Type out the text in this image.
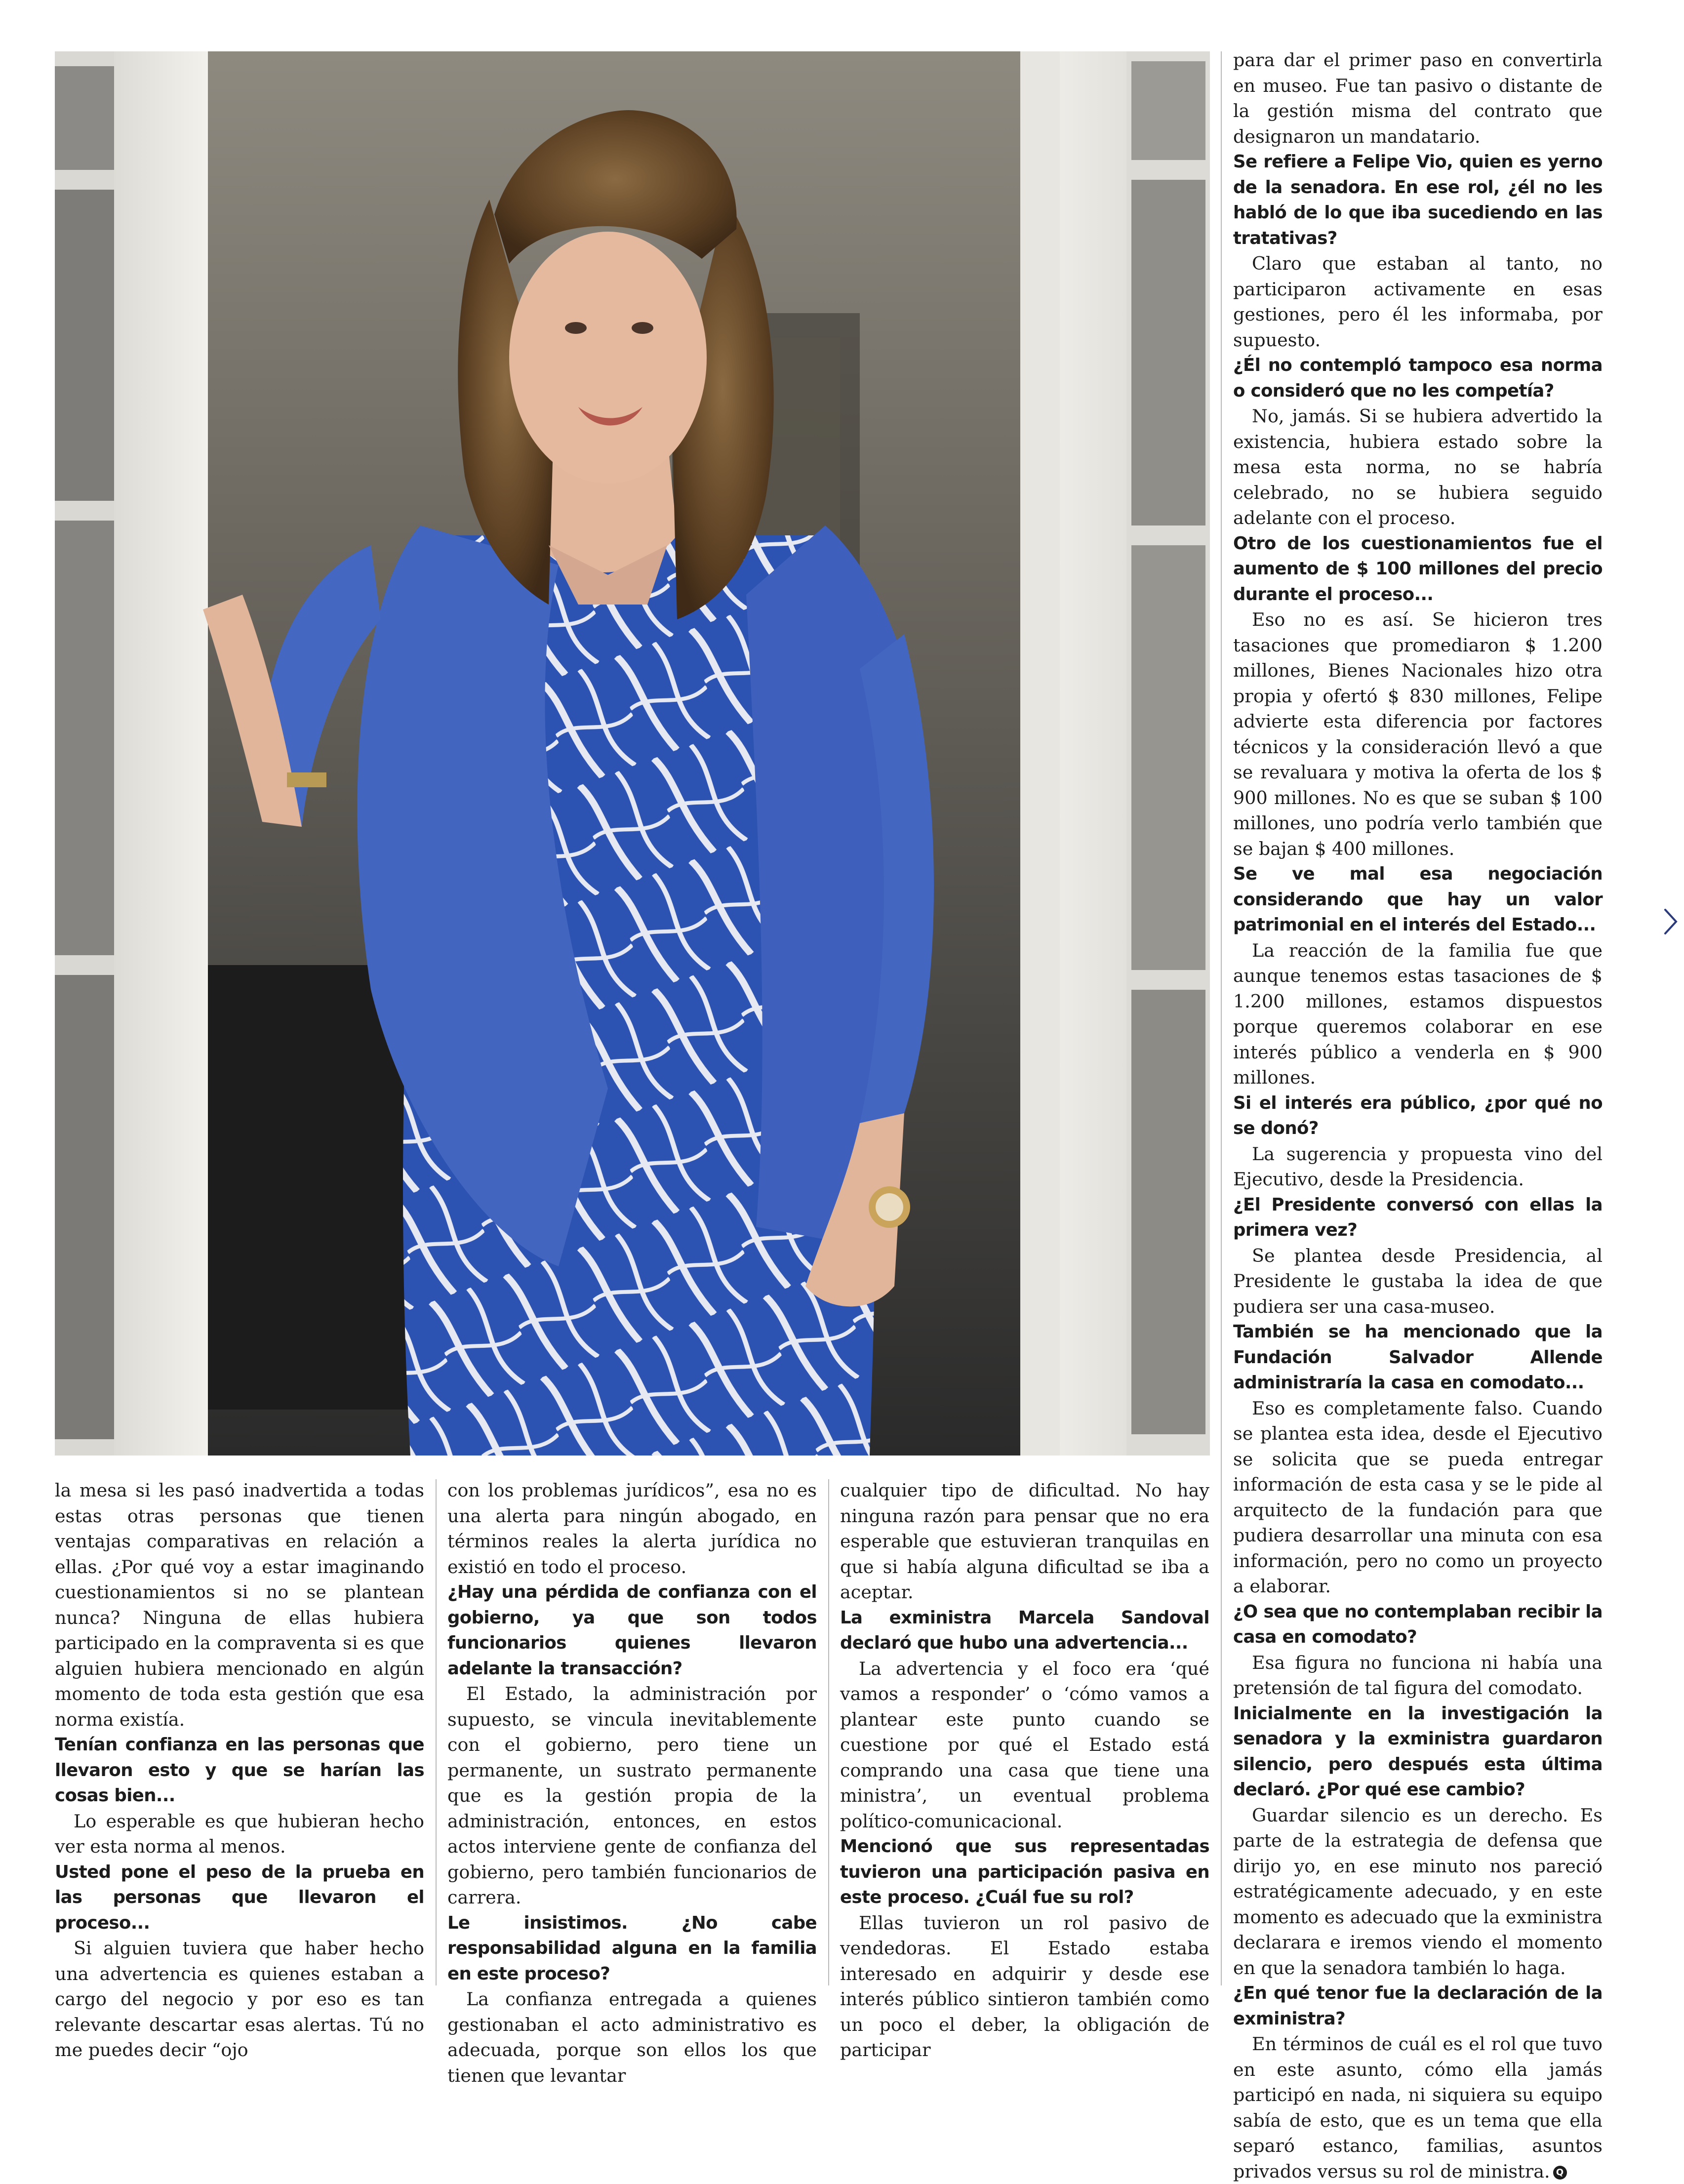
la mesa si les pasó inadvertida a todas estas otras personas que tienen ventajas comparativas en relación a ellas. ¿Por qué voy a estar imaginando cuestionamientos si no se plantean nunca? Ninguna de ellas hubiera participado en la compraventa si es que alguien hubiera mencionado en algún momento de toda esta gestión que esa norma existía.

Tenían confianza en las personas que llevaron esto y que se harían las cosas bien...

Lo esperable es que hubieran hecho ver esta norma al menos.

Usted pone el peso de la prueba en las personas que llevaron el proceso...

Si alguien tuviera que haber hecho una advertencia es quienes estaban a cargo del negocio y por eso es tan relevante descartar esas alertas. Tú no me puedes decir “ojo

con los problemas jurídicos”, esa no es una alerta para ningún abogado, en términos reales la alerta jurídica no existió en todo el proceso.

¿Hay una pérdida de confianza con el gobierno, ya que son todos funcionarios quienes llevaron adelante la transacción?

El Estado, la administración por supuesto, se vincula inevitablemente con el gobierno, pero tiene un permanente, un sustrato permanente que es la gestión propia de la administración, entonces, en estos actos interviene gente de confianza del gobierno, pero también funcionarios de carrera.

Le insistimos. ¿No cabe responsabilidad alguna en la familia en este proceso?

La confianza entregada a quienes gestionaban el acto administrativo es adecuada, porque son ellos los que tienen que levantar

cualquier tipo de dificultad. No hay ninguna razón para pensar que no era esperable que estuvieran tranquilas en que si había alguna dificultad se iba a aceptar.

La exministra Marcela Sandoval declaró que hubo una advertencia...

La advertencia y el foco era ‘qué vamos a responder’ o ‘cómo vamos a plantear este punto cuando se cuestione por qué el Estado está comprando una casa que tiene una ministra’, un eventual problema político-comunicacional.

Mencionó que sus representadas tuvieron una participación pasiva en este proceso. ¿Cuál fue su rol?

Ellas tuvieron un rol pasivo de vendedoras. El Estado estaba interesado en adquirir y desde ese interés público sintieron también como un poco el deber, la obligación de participar

para dar el primer paso en convertirla en museo. Fue tan pasivo o distante de la gestión misma del contrato que designaron un mandatario.

Se refiere a Felipe Vio, quien es yerno de la senadora. En ese rol, ¿él no les habló de lo que iba sucediendo en las tratativas?

Claro que estaban al tanto, no participaron activamente en esas gestiones, pero él les informaba, por supuesto.

¿Él no contempló tampoco esa norma o consideró que no les competía?

No, jamás. Si se hubiera advertido la existencia, hubiera estado sobre la mesa esta norma, no se habría celebrado, no se hubiera seguido adelante con el proceso.

Otro de los cuestionamientos fue el aumento de $ 100 millones del precio durante el proceso...

Eso no es así. Se hicieron tres tasaciones que promediaron $ 1.200 millones, Bienes Nacionales hizo otra propia y ofertó $ 830 millones, Felipe advierte esta diferencia por factores técnicos y la consideración llevó a que se revaluara y motiva la oferta de los $ 900 millones. No es que se suban $ 100 millones, uno podría verlo también que se bajan $ 400 millones.

Se ve mal esa negociación considerando que hay un valor patrimonial en el interés del Estado...

La reacción de la familia fue que aunque tenemos estas tasaciones de $ 1.200 millones, estamos dispuestos porque queremos colaborar en ese interés público a venderla en $ 900 millones.

Si el interés era público, ¿por qué no se donó?

La sugerencia y propuesta vino del Ejecutivo, desde la Presidencia.

¿El Presidente conversó con ellas la primera vez?

Se plantea desde Presidencia, al Presidente le gustaba la idea de que pudiera ser una casa-museo.

También se ha mencionado que la Fundación Salvador Allende administraría la casa en comodato...

Eso es completamente falso. Cuando se plantea esta idea, desde el Ejecutivo se solicita que se pueda entregar información de esta casa y se le pide al arquitecto de la fundación para que pudiera desarrollar una minuta con esa información, pero no como un proyecto a elaborar.

¿O sea que no contemplaban recibir la casa en comodato?

Esa figura no funciona ni había una pretensión de tal figura del comodato.

Inicialmente en la investigación la senadora y la exministra guardaron silencio, pero después esta última declaró. ¿Por qué ese cambio?

Guardar silencio es un derecho. Es parte de la estrategia de defensa que dirijo yo, en ese minuto nos pareció estratégicamente adecuado, y en este momento es adecuado que la exministra declarara e iremos viendo el momento en que la senadora también lo haga.

¿En qué tenor fue la declaración de la exministra?

En términos de cuál es el rol que tuvo en este asunto, cómo ella jamás participó en nada, ni siquiera su equipo sabía de esto, que es un tema que ella separó estanco, familias, asuntos privados versus su rol de ministra. Q
